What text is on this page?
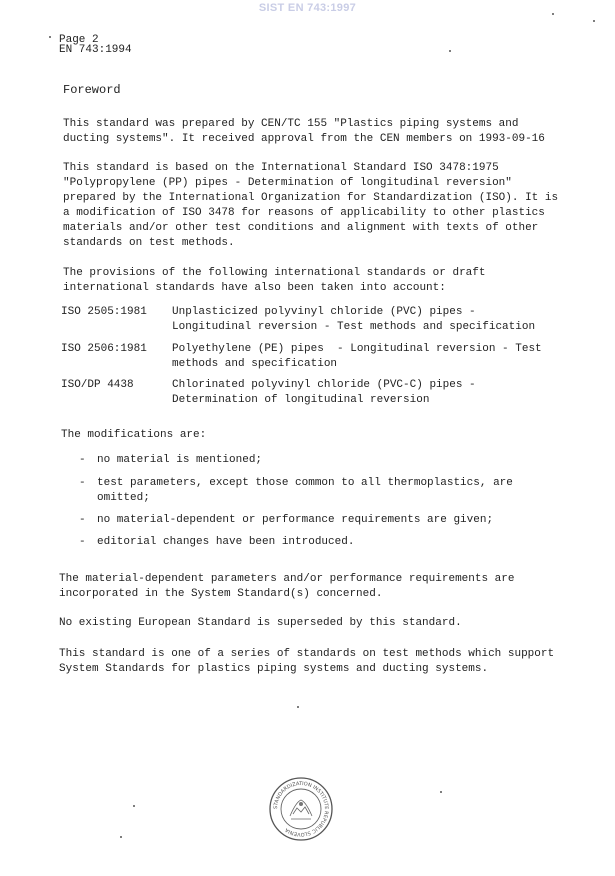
SIST EN 743:1997
Page 2
EN 743:1994
Foreword
This standard was prepared by CEN/TC 155 "Plastics piping systems and
ducting systems". It received approval from the CEN members on 1993-09-16
This standard is based on the International Standard ISO 3478:1975
"Polypropylene (PP) pipes - Determination of longitudinal reversion"
prepared by the International Organization for Standardization (ISO). It is
a modification of ISO 3478 for reasons of applicability to other plastics
materials and/or other test conditions and alignment with texts of other
standards on test methods.
The provisions of the following international standards or draft
international standards have also been taken into account:
ISO 2505:1981 Unplasticized polyvinyl chloride (PVC) pipes -
Longitudinal reversion - Test methods and specification
ISO 2506:1981 Polyethylene (PE) pipes  - Longitudinal reversion - Test
methods and specification
ISO/DP 4438	Chlorinated polyvinyl chloride (PVC-C) pipes -
Determination of longitudinal reversion
The modifications are:
- no material is mentioned;
- test parameters, except those common to all thermoplastics, are
omitted;
- no material-dependent or performance requirements are given;
- editorial changes have been introduced.
The material-dependent parameters and/or performance requirements are
incorporated in the System Standard(s) concerned.
No existing European Standard is superseded by this standard.
This standard is one of a series of standards on test methods which support
System Standards for plastics piping systems and ducting systems.
STANDARDIZATION INSTITUTE REPUBLIC SLOVENIA
